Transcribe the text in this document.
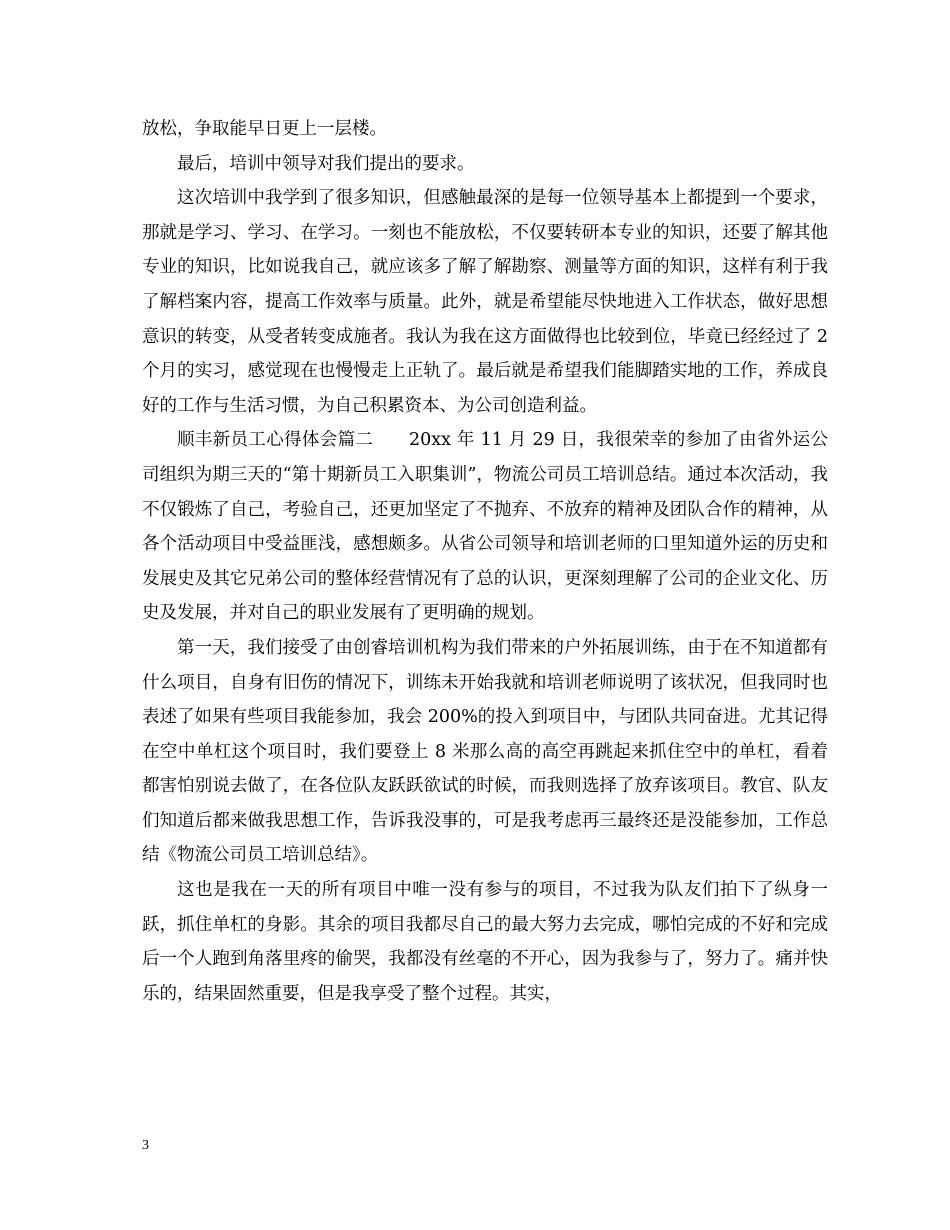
放松，争取能早日更上一层楼。

最后，培训中领导对我们提出的要求。

这次培训中我学到了很多知识，但感触最深的是每一位领导基本上都提到一个要求，那就是学习、学习、在学习。一刻也不能放松，不仅要转研本专业的知识，还要了解其他专业的知识，比如说我自己，就应该多了解了解勘察、测量等方面的知识，这样有利于我了解档案内容，提高工作效率与质量。此外，就是希望能尽快地进入工作状态，做好思想意识的转变，从受者转变成施者。我认为我在这方面做得也比较到位，毕竟已经经过了 2 个月的实习，感觉现在也慢慢走上正轨了。最后就是希望我们能脚踏实地的工作，养成良好的工作与生活习惯，为自己积累资本、为公司创造利益。

顺丰新员工心得体会篇二　　20xx 年 11 月 29 日，我很荣幸的参加了由省外运公司组织为期三天的“第十期新员工入职集训”，物流公司员工培训总结。通过本次活动，我不仅锻炼了自己，考验自己，还更加坚定了不抛弃、不放弃的精神及团队合作的精神，从各个活动项目中受益匪浅，感想颇多。从省公司领导和培训老师的口里知道外运的历史和发展史及其它兄弟公司的整体经营情况有了总的认识，更深刻理解了公司的企业文化、历史及发展，并对自己的职业发展有了更明确的规划。

第一天，我们接受了由创睿培训机构为我们带来的户外拓展训练，由于在不知道都有什么项目，自身有旧伤的情况下，训练未开始我就和培训老师说明了该状况，但我同时也表述了如果有些项目我能参加，我会 200%的投入到项目中，与团队共同奋进。尤其记得在空中单杠这个项目时，我们要登上 8 米那么高的高空再跳起来抓住空中的单杠，看着都害怕别说去做了，在各位队友跃跃欲试的时候，而我则选择了放弃该项目。教官、队友们知道后都来做我思想工作，告诉我没事的，可是我考虑再三最终还是没能参加，工作总结《物流公司员工培训总结》。

这也是我在一天的所有项目中唯一没有参与的项目，不过我为队友们拍下了纵身一跃，抓住单杠的身影。其余的项目我都尽自己的最大努力去完成，哪怕完成的不好和完成后一个人跑到角落里疼的偷哭，我都没有丝毫的不开心，因为我参与了，努力了。痛并快乐的，结果固然重要，但是我享受了整个过程。其实，

3
